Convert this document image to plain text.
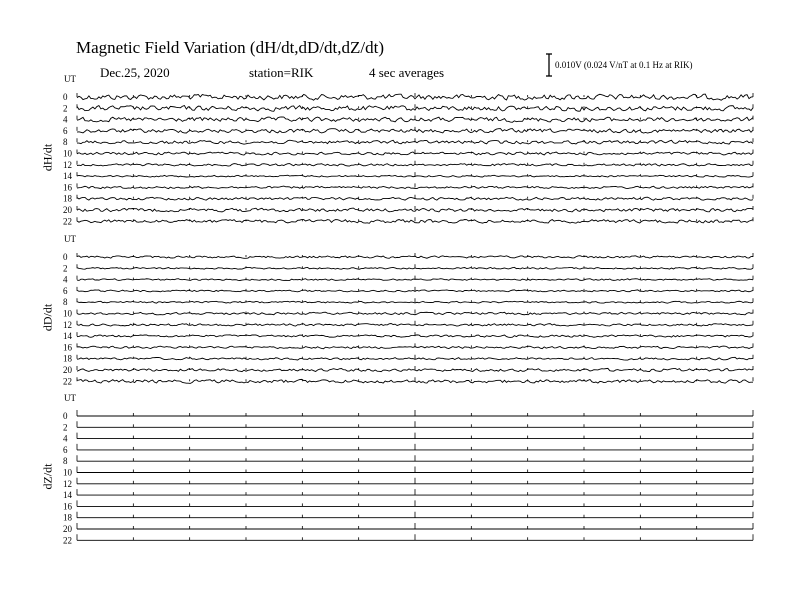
Magnetic Field Variation (dH/dt,dD/dt,dZ/dt)
Dec.25, 2020	station=RIK	4 sec averages	0.010V (0.024 V/nT at 0.1 Hz at RIK)
UT
UT
UT
dH/dt
dD/dt
dZ/dt
0
2
4
6
8
10
12
14
16
18
20
22
0
2
4
6
8
10
12
14
16
18
20
22
0
2
4
6
8
10
12
14
16
18
20
22
